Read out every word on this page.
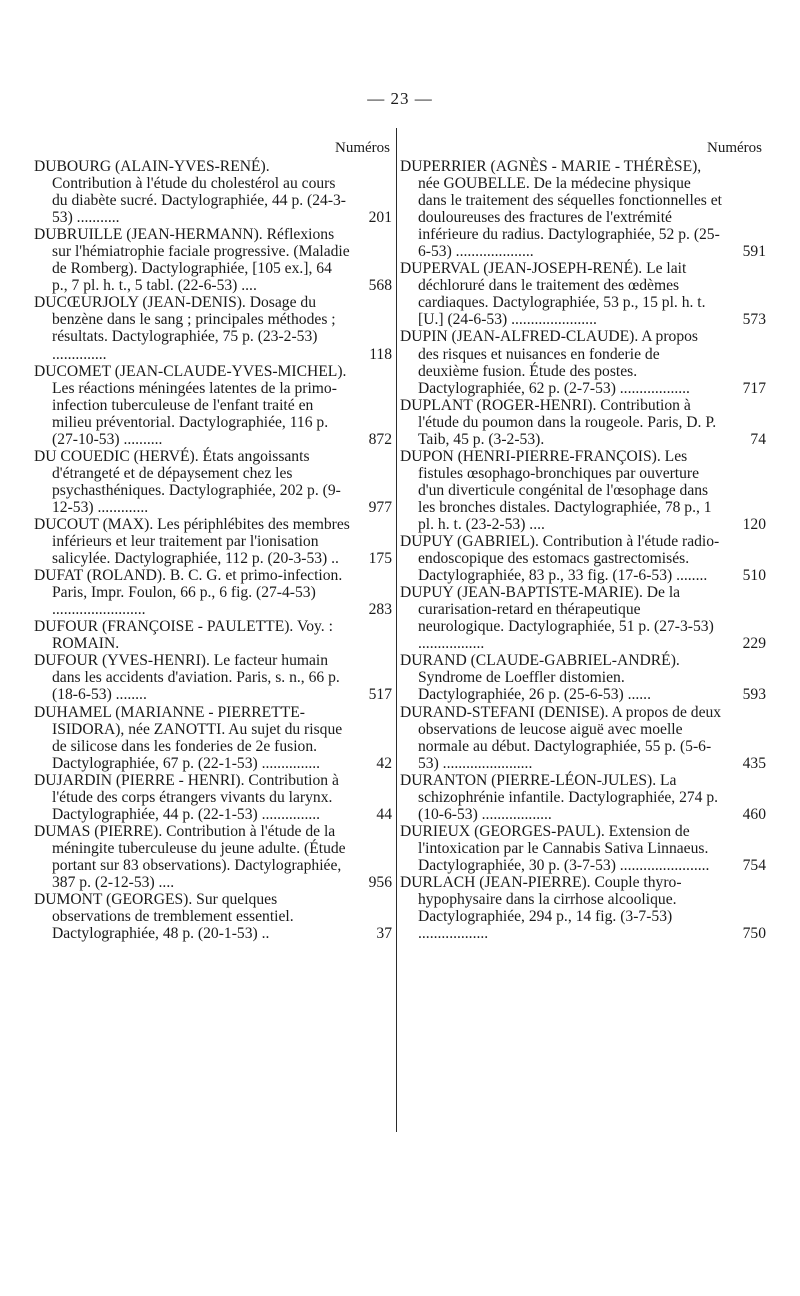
— 23 —
Numéros
DUBOURG (ALAIN-YVES-RENÉ). Contribution à l'étude du cholestérol au cours du diabète sucré. Dactylographiée, 44 p. (24-3-53) ...........	201
DUBRUILLE (JEAN-HERMANN). Réflexions sur l'hémiatrophie faciale progressive. (Maladie de Romberg). Dactylographiée, [105 ex.], 64 p., 7 pl. h. t., 5 tabl. (22-6-53) ....	568
DUCŒURJOLY (JEAN-DENIS). Dosage du benzène dans le sang ; principales méthodes ; résultats. Dactylographiée, 75 p. (23-2-53) ..............	118
DUCOMET (JEAN-CLAUDE-YVES-MICHEL). Les réactions méningées latentes de la primo-infection tuberculeuse de l'enfant traité en milieu préventorial. Dactylographiée, 116 p. (27-10-53) ..........	872
DU COUEDIC (HERVÉ). États angoissants d'étrangeté et de dépaysement chez les psychasthéniques. Dactylographiée, 202 p. (9-12-53) .............	977
DUCOUT (MAX). Les périphlébites des membres inférieurs et leur traitement par l'ionisation salicylée. Dactylographiée, 112 p. (20-3-53) ..	175
DUFAT (ROLAND). B. C. G. et primo-infection. Paris, Impr. Foulon, 66 p., 6 fig. (27-4-53) ........................	283
DUFOUR (FRANÇOISE - PAULETTE). Voy. : ROMAIN.
DUFOUR (YVES-HENRI). Le facteur humain dans les accidents d'aviation. Paris, s. n., 66 p. (18-6-53) ........	517
DUHAMEL (MARIANNE - PIERRETTE-ISIDORA), née ZANOTTI. Au sujet du risque de silicose dans les fonderies de 2e fusion. Dactylographiée, 67 p. (22-1-53) ...............	42
DUJARDIN (PIERRE - HENRI). Contribution à l'étude des corps étrangers vivants du larynx. Dactylographiée, 44 p. (22-1-53) ...............	44
DUMAS (PIERRE). Contribution à l'étude de la méningite tuberculeuse du jeune adulte. (Étude portant sur 83 observations). Dactylographiée, 387 p. (2-12-53) ....	956
DUMONT (GEORGES). Sur quelques observations de tremblement essentiel. Dactylographiée, 48 p. (20-1-53) ..	37
Numéros
DUPERRIER (AGNÈS - MARIE - THÉRÈSE), née GOUBELLE. De la médecine physique dans le traitement des séquelles fonctionnelles et douloureuses des fractures de l'extrémité inférieure du radius. Dactylographiée, 52 p. (25-6-53) ....................	591
DUPERVAL (JEAN-JOSEPH-RENÉ). Le lait déchloruré dans le traitement des œdèmes cardiaques. Dactylographiée, 53 p., 15 pl. h. t. [U.] (24-6-53) ......................	573
DUPIN (JEAN-ALFRED-CLAUDE). A propos des risques et nuisances en fonderie de deuxième fusion. Étude des postes. Dactylographiée, 62 p. (2-7-53) ..................	717
DUPLANT (ROGER-HENRI). Contribution à l'étude du poumon dans la rougeole. Paris, D. P. Taib, 45 p. (3-2-53).	74
DUPON (HENRI-PIERRE-FRANÇOIS). Les fistules œsophago-bronchiques par ouverture d'un diverticule congénital de l'œsophage dans les bronches distales. Dactylographiée, 78 p., 1 pl. h. t. (23-2-53) ....	120
DUPUY (GABRIEL). Contribution à l'étude radio-endoscopique des estomacs gastrectomisés. Dactylographiée, 83 p., 33 fig. (17-6-53) ........	510
DUPUY (JEAN-BAPTISTE-MARIE). De la curarisation-retard en thérapeutique neurologique. Dactylographiée, 51 p. (27-3-53) .................	229
DURAND (CLAUDE-GABRIEL-ANDRÉ). Syndrome de Loeffler distomien. Dactylographiée, 26 p. (25-6-53) ......	593
DURAND-STEFANI (DENISE). A propos de deux observations de leucose aiguë avec moelle normale au début. Dactylographiée, 55 p. (5-6-53) .......................	435
DURANTON (PIERRE-LÉON-JULES). La schizophrénie infantile. Dactylographiée, 274 p. (10-6-53) ..................	460
DURIEUX (GEORGES-PAUL). Extension de l'intoxication par le Cannabis Sativa Linnaeus. Dactylographiée, 30 p. (3-7-53) .......................	754
DURLACH (JEAN-PIERRE). Couple thyro-hypophysaire dans la cirrhose alcoolique. Dactylographiée, 294 p., 14 fig. (3-7-53) ..................	750
